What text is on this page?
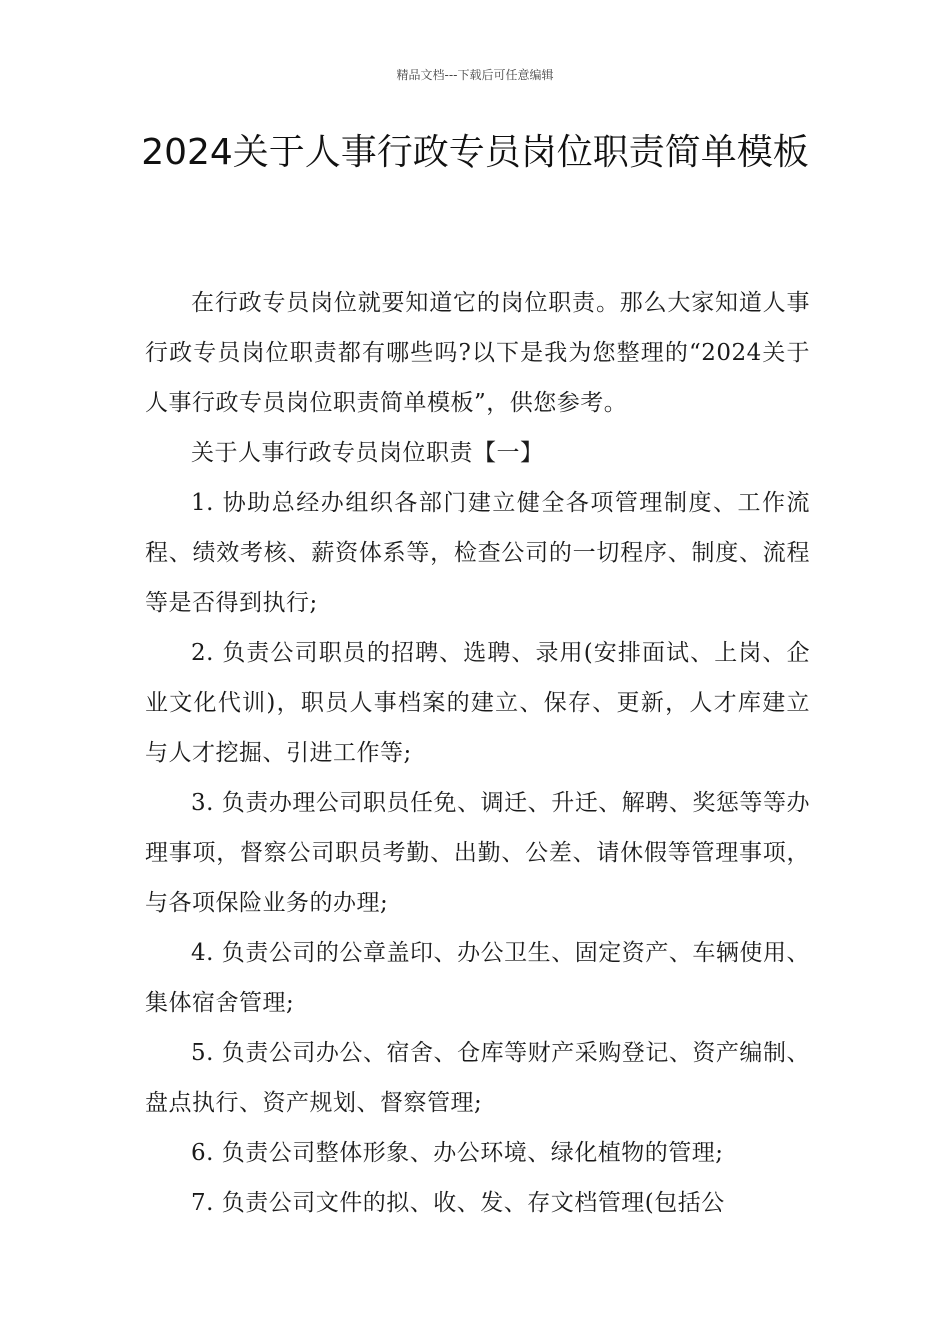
精品文档---下载后可任意编辑
2024关于人事行政专员岗位职责简单模板

在行政专员岗位就要知道它的岗位职责。那么大家知道人事行政专员岗位职责都有哪些吗?以下是我为您整理的“2024关于人事行政专员岗位职责简单模板”，供您参考。

关于人事行政专员岗位职责【一】

1. 协助总经办组织各部门建立健全各项管理制度、工作流程、绩效考核、薪资体系等，检查公司的一切程序、制度、流程等是否得到执行;

2. 负责公司职员的招聘、选聘、录用(安排面试、上岗、企业文化代训)，职员人事档案的建立、保存、更新，人才库建立与人才挖掘、引进工作等;

3. 负责办理公司职员任免、调迁、升迁、解聘、奖惩等等办理事项，督察公司职员考勤、出勤、公差、请休假等管理事项，与各项保险业务的办理;

4. 负责公司的公章盖印、办公卫生、固定资产、车辆使用、集体宿舍管理;

5. 负责公司办公、宿舍、仓库等财产采购登记、资产编制、盘点执行、资产规划、督察管理;

6. 负责公司整体形象、办公环境、绿化植物的管理;

7. 负责公司文件的拟、收、发、存文档管理(包括公
